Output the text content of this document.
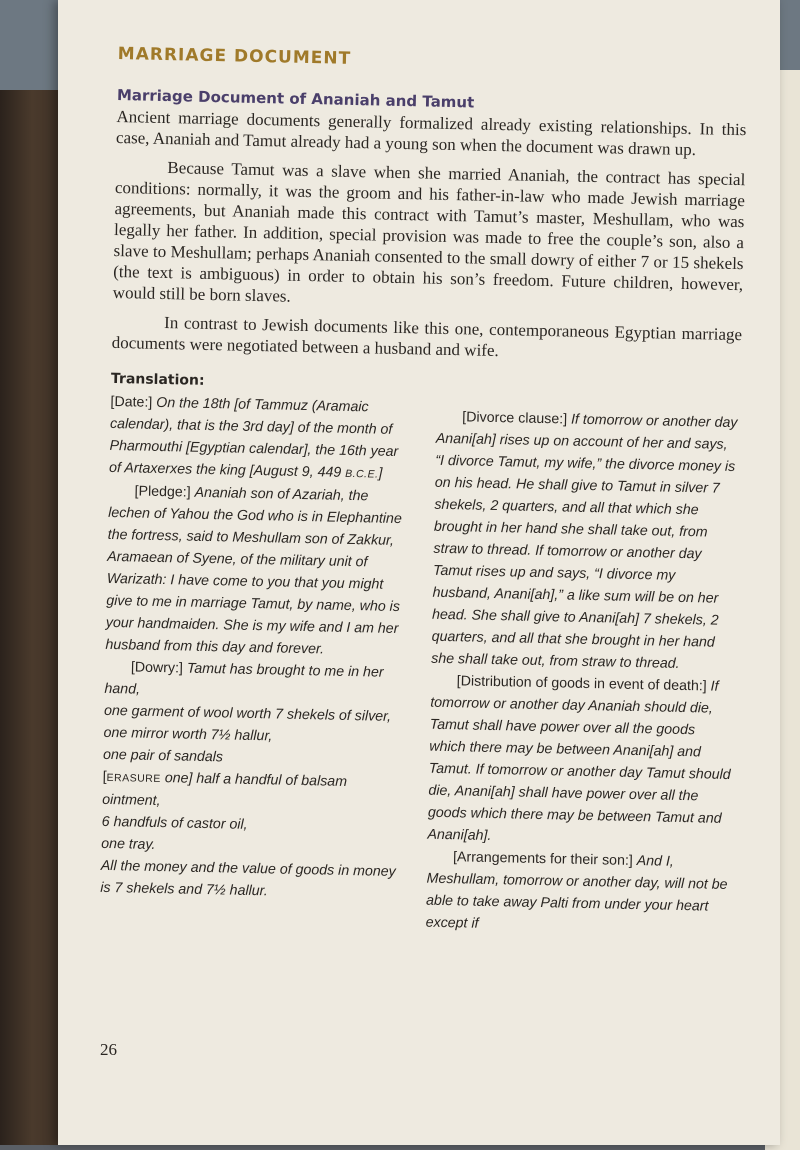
MARRIAGE DOCUMENT
Marriage Document of Ananiah and Tamut

Ancient marriage documents generally formalized already existing relationships. In this case, Ananiah and Tamut already had a young son when the document was drawn up.

Because Tamut was a slave when she married Ananiah, the contract has special conditions: normally, it was the groom and his father-in-law who made Jewish marriage agreements, but Ananiah made this contract with Tamut’s master, Meshullam, who was legally her father. In addition, special provision was made to free the couple’s son, also a slave to Meshullam; perhaps Ananiah consented to the small dowry of either 7 or 15 shekels (the text is ambiguous) in order to obtain his son’s freedom. Future children, however, would still be born slaves.

In contrast to Jewish documents like this one, contemporaneous Egyptian marriage documents were negotiated between a husband and wife.

Translation:

[Date:] On the 18th [of Tammuz (Aramaic calendar), that is the 3rd day] of the month of Pharmouthi [Egyptian calendar], the 16th year of Artaxerxes the king [August 9, 449 B.C.E.]

[Pledge:] Ananiah son of Azariah, the lechen of Yahou the God who is in Elephantine the fortress, said to Meshullam son of Zakkur, Aramaean of Syene, of the military unit of Warizath: I have come to you that you might give to me in marriage Tamut, by name, who is your handmaiden. She is my wife and I am her husband from this day and forever.

[Dowry:] Tamut has brought to me in her hand,

one garment of wool worth 7 shekels of silver,

one mirror worth 7½ hallur,

one pair of sandals

[ERASURE one] half a handful of balsam ointment,

6 handfuls of castor oil,

one tray.

All the money and the value of goods in money is 7 shekels and 7½ hallur.

[Divorce clause:] If tomorrow or another day Anani[ah] rises up on account of her and says, “I divorce Tamut, my wife,” the divorce money is on his head. He shall give to Tamut in silver 7 shekels, 2 quarters, and all that which she brought in her hand she shall take out, from straw to thread. If tomorrow or another day Tamut rises up and says, “I divorce my husband, Anani[ah],” a like sum will be on her head. She shall give to Anani[ah] 7 shekels, 2 quarters, and all that she brought in her hand she shall take out, from straw to thread.

[Distribution of goods in event of death:] If tomorrow or another day Ananiah should die, Tamut shall have power over all the goods which there may be between Anani[ah] and Tamut. If tomorrow or another day Tamut should die, Anani[ah] shall have power over all the goods which there may be between Tamut and Anani[ah].

[Arrangements for their son:] And I, Meshullam, tomorrow or another day, will not be able to take away Palti from under your heart except if

26
